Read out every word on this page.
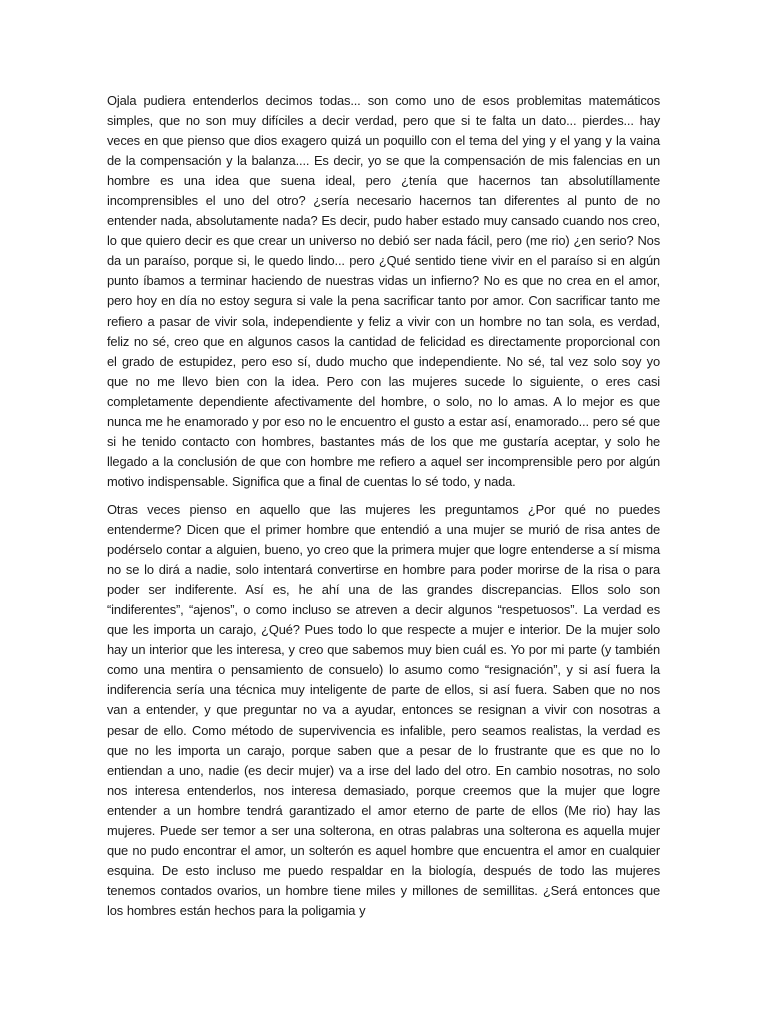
Ojala pudiera entenderlos decimos todas... son como uno de esos problemitas matemáticos simples, que no son muy difíciles a decir verdad, pero que si te falta un dato... pierdes... hay veces en que pienso que dios exagero quizá un poquillo con el tema del ying y el yang y la vaina de la compensación y la balanza.... Es decir, yo se que la compensación de mis falencias en un hombre es una idea que suena ideal, pero ¿tenía que hacernos tan absolutíllamente incomprensibles el uno del otro? ¿sería necesario hacernos tan diferentes al punto de no entender nada, absolutamente nada? Es decir, pudo haber estado muy cansado cuando nos creo, lo que quiero decir es que crear un universo no debió ser nada fácil, pero (me rio) ¿en serio? Nos da un paraíso, porque si, le quedo lindo... pero ¿Qué sentido tiene vivir en el paraíso si en algún punto íbamos a terminar haciendo de nuestras vidas un infierno? No es que no crea en el amor, pero hoy en día no estoy segura si vale la pena sacrificar tanto por amor. Con sacrificar tanto me refiero a pasar de vivir sola, independiente y feliz a vivir con un hombre no tan sola, es verdad, feliz no sé, creo que en algunos casos la cantidad de felicidad es directamente proporcional con el grado de estupidez, pero eso sí, dudo mucho que independiente. No sé, tal vez solo soy yo que no me llevo bien con la idea. Pero con las mujeres sucede lo siguiente, o eres casi completamente dependiente afectivamente del hombre, o solo, no lo amas. A lo mejor es que nunca me he enamorado y por eso no le encuentro el gusto a estar así, enamorado... pero sé que si he tenido contacto con hombres, bastantes más de los que me gustaría aceptar, y solo he llegado a la conclusión de que con hombre me refiero a aquel ser incomprensible pero por algún motivo indispensable. Significa que a final de cuentas lo sé todo, y nada.

Otras veces pienso en aquello que las mujeres les preguntamos ¿Por qué no puedes entenderme? Dicen que el primer hombre que entendió a una mujer se murió de risa antes de podérselo contar a alguien, bueno, yo creo que la primera mujer que logre entenderse a sí misma no se lo dirá a nadie, solo intentará convertirse en hombre para poder morirse de la risa o para poder ser indiferente. Así es, he ahí una de las grandes discrepancias. Ellos solo son “indiferentes”, “ajenos”, o como incluso se atreven a decir algunos “respetuosos”. La verdad es que les importa un carajo, ¿Qué? Pues todo lo que respecte a mujer e interior. De la mujer solo hay un interior que les interesa, y creo que sabemos muy bien cuál es. Yo por mi parte (y también como una mentira o pensamiento de consuelo) lo asumo como “resignación”, y si así fuera la indiferencia sería una técnica muy inteligente de parte de ellos, si así fuera. Saben que no nos van a entender, y que preguntar no va a ayudar, entonces se resignan a vivir con nosotras a pesar de ello. Como método de supervivencia es infalible, pero seamos realistas, la verdad es que no les importa un carajo, porque saben que a pesar de lo frustrante que es que no lo entiendan a uno, nadie (es decir mujer) va a irse del lado del otro. En cambio nosotras, no solo nos interesa entenderlos, nos interesa demasiado, porque creemos que la mujer que logre entender a un hombre tendrá garantizado el amor eterno de parte de ellos (Me rio) hay las mujeres. Puede ser temor a ser una solterona, en otras palabras una solterona es aquella mujer que no pudo encontrar el amor, un solterón es aquel hombre que encuentra el amor en cualquier esquina. De esto incluso me puedo respaldar en la biología, después de todo las mujeres tenemos contados ovarios, un hombre tiene miles y millones de semillitas. ¿Será entonces que los hombres están hechos para la poligamia y
